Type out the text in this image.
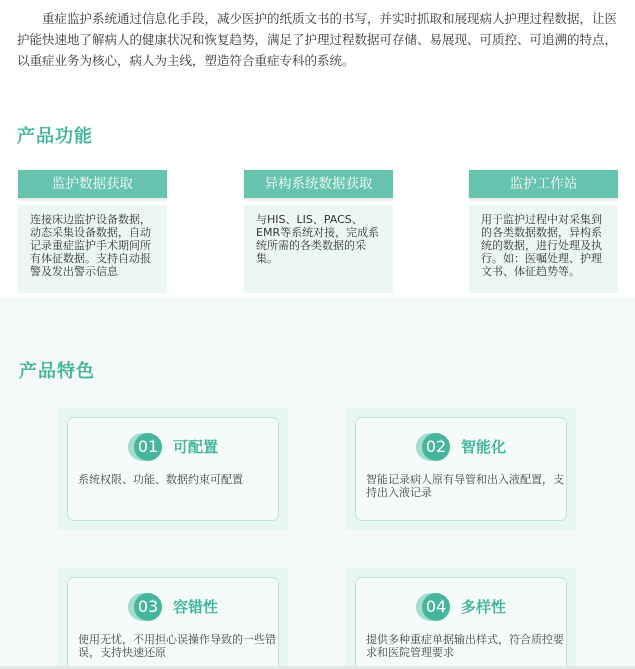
重症监护系统通过信息化手段，减少医护的纸质文书的书写，并实时抓取和展现病人护理过程数据，让医护能快速地了解病人的健康状况和恢复趋势，满足了护理过程数据可存储、易展现、可质控、可追溯的特点，以重症业务为核心，病人为主线，塑造符合重症专科的系统。

产品功能
监护数据获取
连接床边监护设备数据，动态采集设备数据，自动记录重症监护手术期间所有体征数据。支持自动报警及发出警示信息
异构系统数据获取
与HIS、LIS、PACS、EMR等系统对接，完成系统所需的各类数据的采集。
监护工作站
用于监护过程中对采集到的各类数据数据，异构系统的数据，进行处理及执行。如：医嘱处理、护理文书、体征趋势等。
产品特色
01 可配置
系统权限、功能、数据约束可配置
02 智能化
智能记录病人原有导管和出入液配置，支持出入液记录
03 容错性
使用无忧，不用担心误操作导致的一些错误，支持快速还原
04 多样性
提供多种重症单据输出样式，符合质控要求和医院管理要求
